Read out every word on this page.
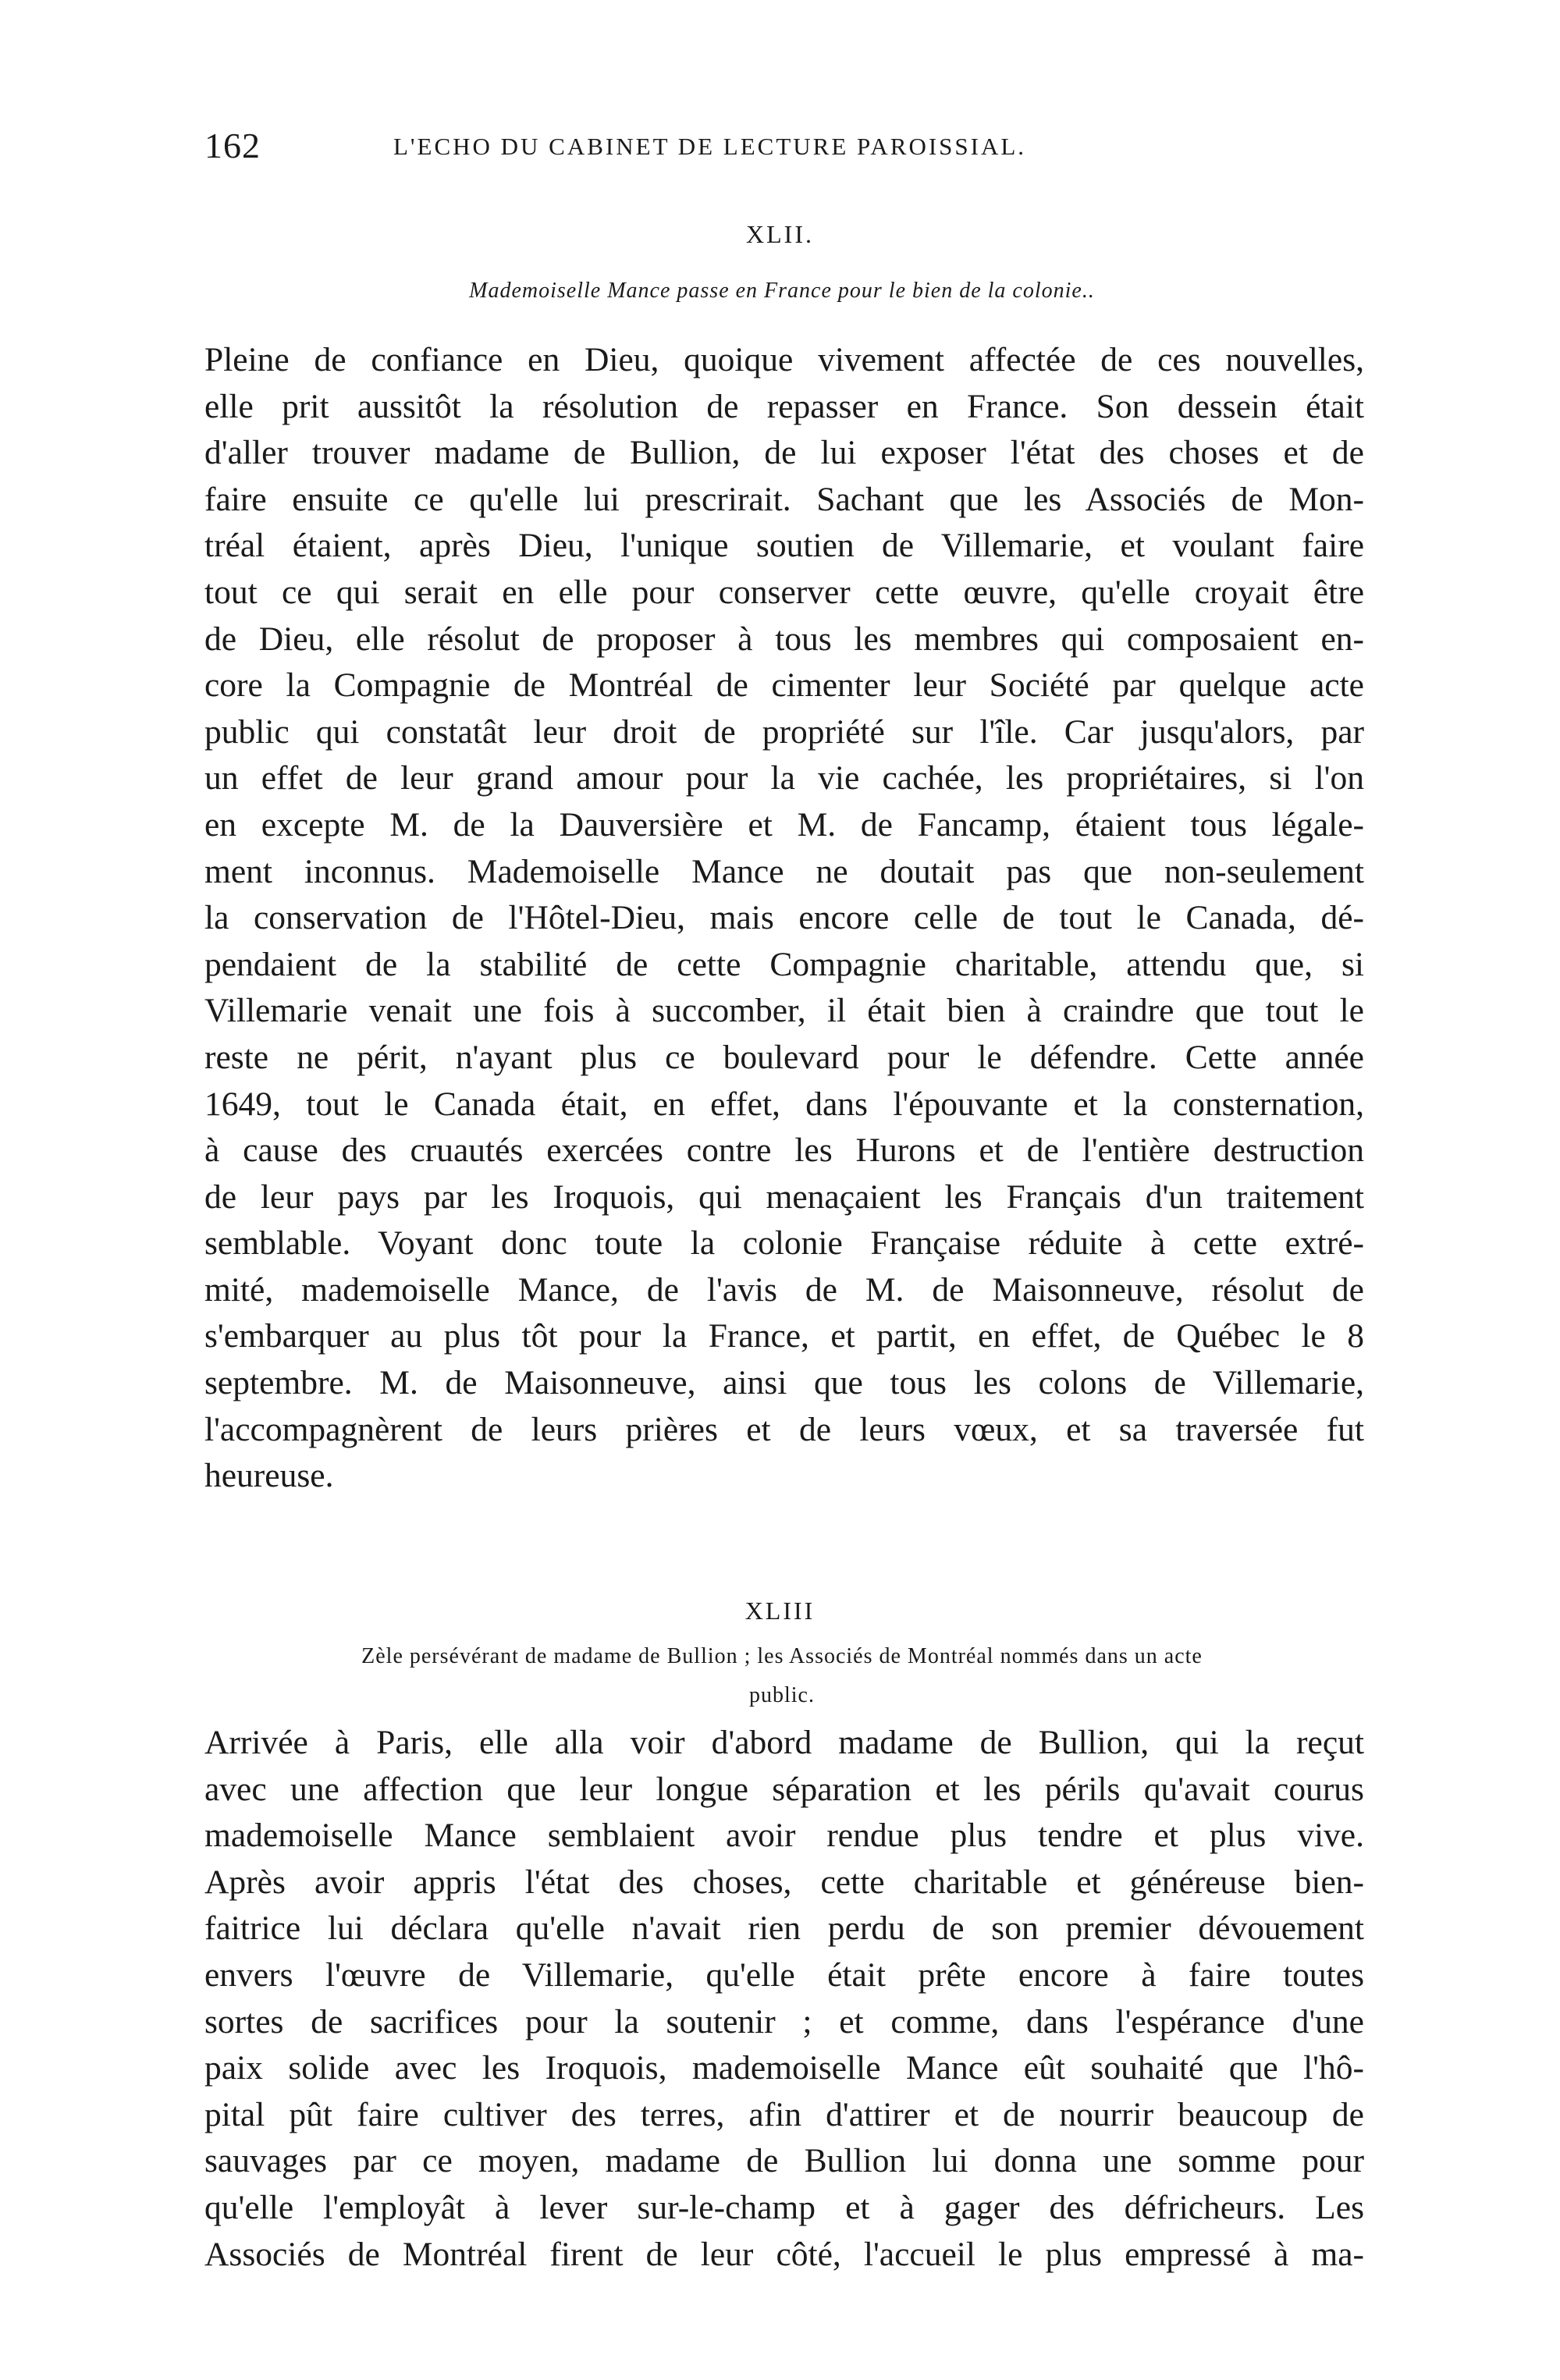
162	L'ECHO DU CABINET DE LECTURE PAROISSIAL.
XLII.
Mademoiselle Mance passe en France pour le bien de la colonie..
Pleine de confiance en Dieu, quoique vivement affectée de ces nouvelles,
elle prit aussitôt la résolution de repasser en France. Son dessein était
d'aller trouver madame de Bullion, de lui exposer l'état des choses et de
faire ensuite ce qu'elle lui prescrirait. Sachant que les Associés de Mon-
tréal étaient, après Dieu, l'unique soutien de Villemarie, et voulant faire
tout ce qui serait en elle pour conserver cette œuvre, qu'elle croyait être
de Dieu, elle résolut de proposer à tous les membres qui composaient en-
core la Compagnie de Montréal de cimenter leur Société par quelque acte
public qui constatât leur droit de propriété sur l'île. Car jusqu'alors, par
un effet de leur grand amour pour la vie cachée, les propriétaires, si l'on
en excepte M. de la Dauversière et M. de Fancamp, étaient tous légale-
ment inconnus. Mademoiselle Mance ne doutait pas que non-seulement
la conservation de l'Hôtel-Dieu, mais encore celle de tout le Canada, dé-
pendaient de la stabilité de cette Compagnie charitable, attendu que, si
Villemarie venait une fois à succomber, il était bien à craindre que tout le
reste ne périt, n'ayant plus ce boulevard pour le défendre. Cette année
1649, tout le Canada était, en effet, dans l'épouvante et la consternation,
à cause des cruautés exercées contre les Hurons et de l'entière destruction
de leur pays par les Iroquois, qui menaçaient les Français d'un traitement
semblable. Voyant donc toute la colonie Française réduite à cette extré-
mité, mademoiselle Mance, de l'avis de M. de Maisonneuve, résolut de
s'embarquer au plus tôt pour la France, et partit, en effet, de Québec le 8
septembre. M. de Maisonneuve, ainsi que tous les colons de Villemarie,
l'accompagnèrent de leurs prières et de leurs vœux, et sa traversée fut
heureuse.
XLIII
Zèle persévérant de madame de Bullion ; les Associés de Montréal nommés dans un acte
public.
Arrivée à Paris, elle alla voir d'abord madame de Bullion, qui la reçut
avec une affection que leur longue séparation et les périls qu'avait courus
mademoiselle Mance semblaient avoir rendue plus tendre et plus vive.
Après avoir appris l'état des choses, cette charitable et généreuse bien-
faitrice lui déclara qu'elle n'avait rien perdu de son premier dévouement
envers l'œuvre de Villemarie, qu'elle était prête encore à faire toutes
sortes de sacrifices pour la soutenir ; et comme, dans l'espérance d'une
paix solide avec les Iroquois, mademoiselle Mance eût souhaité que l'hô-
pital pût faire cultiver des terres, afin d'attirer et de nourrir beaucoup de
sauvages par ce moyen, madame de Bullion lui donna une somme pour
qu'elle l'employât à lever sur-le-champ et à gager des défricheurs. Les
Associés de Montréal firent de leur côté, l'accueil le plus empressé à ma-
